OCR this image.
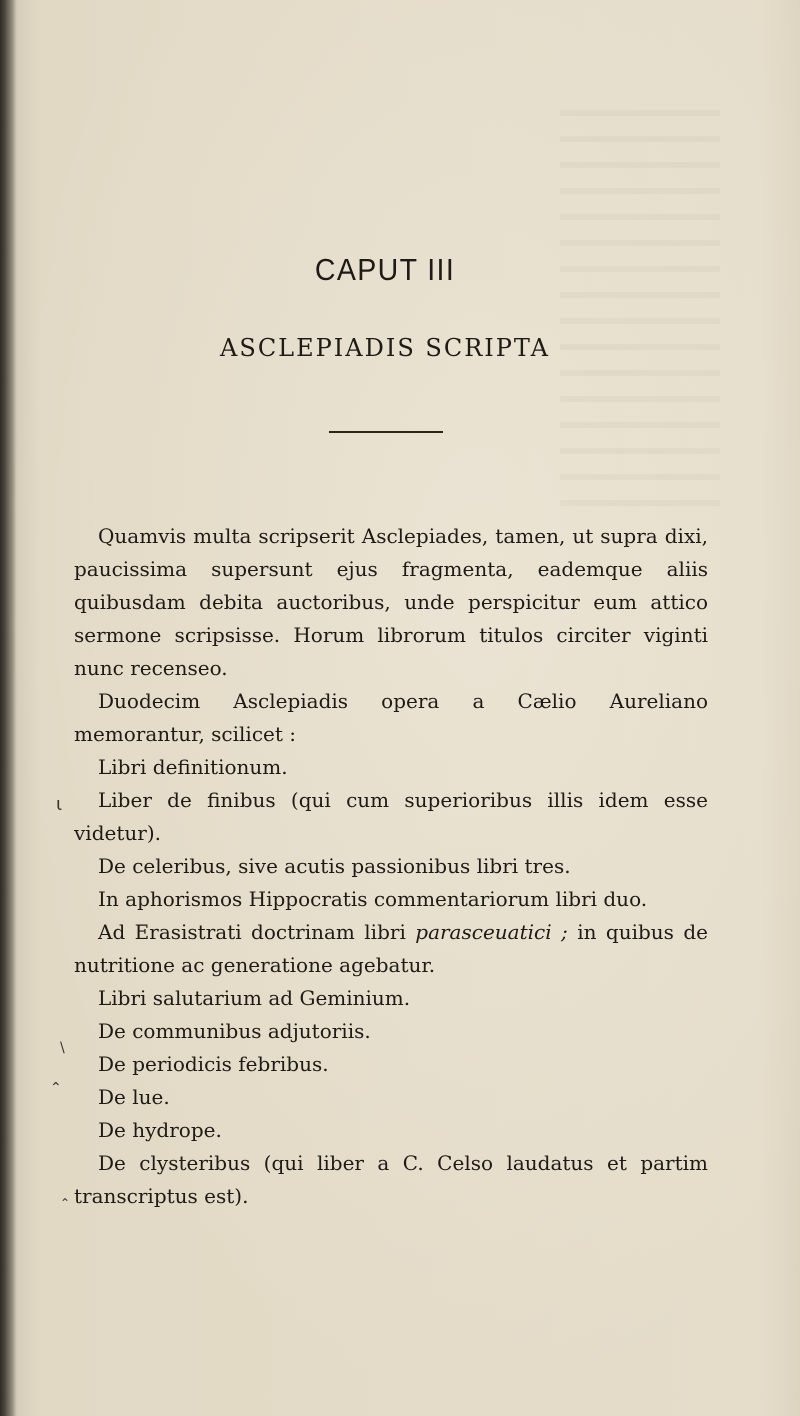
CAPUT III
ASCLEPIADIS SCRIPTA

Quamvis multa scripserit Asclepiades, tamen, ut supra dixi, paucissima supersunt ejus fragmenta, eademque aliis quibusdam debita auctoribus, unde perspicitur eum attico sermone scripsisse. Horum librorum titulos circiter viginti nunc recenseo.

Duodecim Asclepiadis opera a Cælio Aureliano memorantur, scilicet :

Libri definitionum.

Liber de finibus (qui cum superioribus illis idem esse videtur).

De celeribus, sive acutis passionibus libri tres.

In aphorismos Hippocratis commentariorum libri duo.

Ad Erasistrati doctrinam libri parasceuatici ; in quibus de nutritione ac generatione agebatur.

Libri salutarium ad Geminium.

De communibus adjutoriis.

De periodicis febribus.

De lue.

De hydrope.

De clysteribus (qui liber a C. Celso laudatus et partim transcriptus est).

ɩ
\
⌃
⌃
